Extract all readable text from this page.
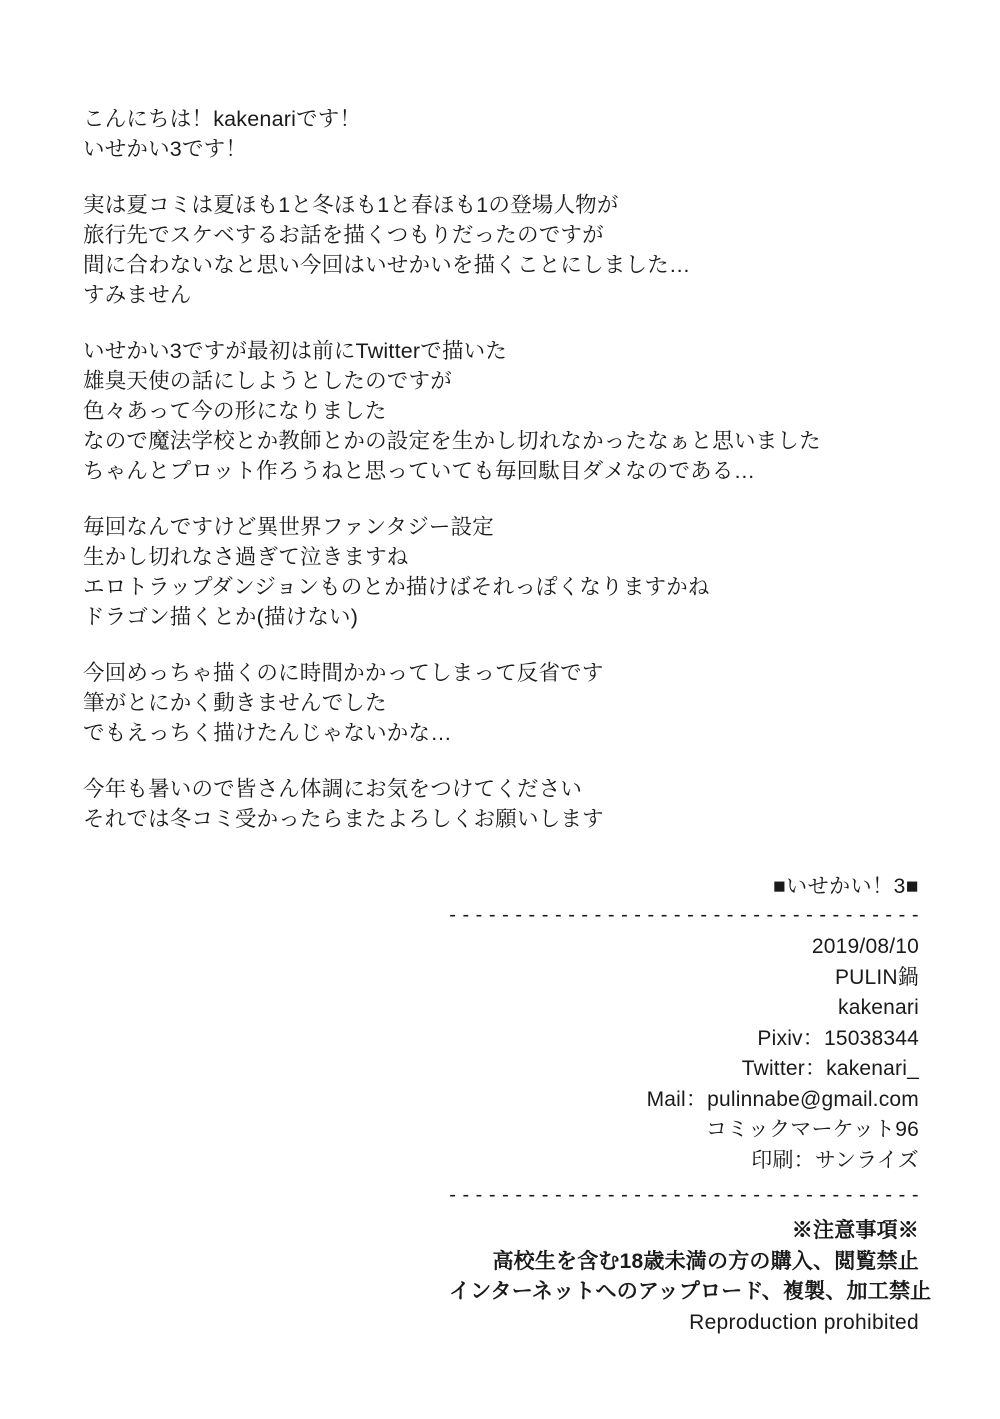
こんにちは！kakenariです！
いせかい3です！
実は夏コミは夏ほも1と冬ほも1と春ほも1の登場人物が
旅行先でスケベするお話を描くつもりだったのですが
間に合わないなと思い今回はいせかいを描くことにしました…
すみません
いせかい3ですが最初は前にTwitterで描いた
雄臭天使の話にしようとしたのですが
色々あって今の形になりました
なので魔法学校とか教師とかの設定を生かし切れなかったなぁと思いました
ちゃんとプロット作ろうねと思っていても毎回駄目ダメなのである…
毎回なんですけど異世界ファンタジー設定
生かし切れなさ過ぎて泣きますね
エロトラップダンジョンものとか描けばそれっぽくなりますかね
ドラゴン描くとか(描けない)
今回めっちゃ描くのに時間かかってしまって反省です
筆がとにかく動きませんでした
でもえっちく描けたんじゃないかな…
今年も暑いので皆さん体調にお気をつけてください
それでは冬コミ受かったらまたよろしくお願いします
■いせかい！3■
- - - - - - - - - - - - - - - - - - - - - - - - - - - - - - - - - - - -
2019/08/10
PULIN鍋
kakenari
Pixiv：15038344
Twitter：kakenari_
Mail：pulinnabe@gmail.com
コミックマーケット96
印刷：サンライズ
- - - - - - - - - - - - - - - - - - - - - - - - - - - - - - - - - - - -
※注意事項※
高校生を含む18歳未満の方の購入、閲覧禁止
インターネットへのアップロード、複製、加工禁止
Reproduction prohibited
